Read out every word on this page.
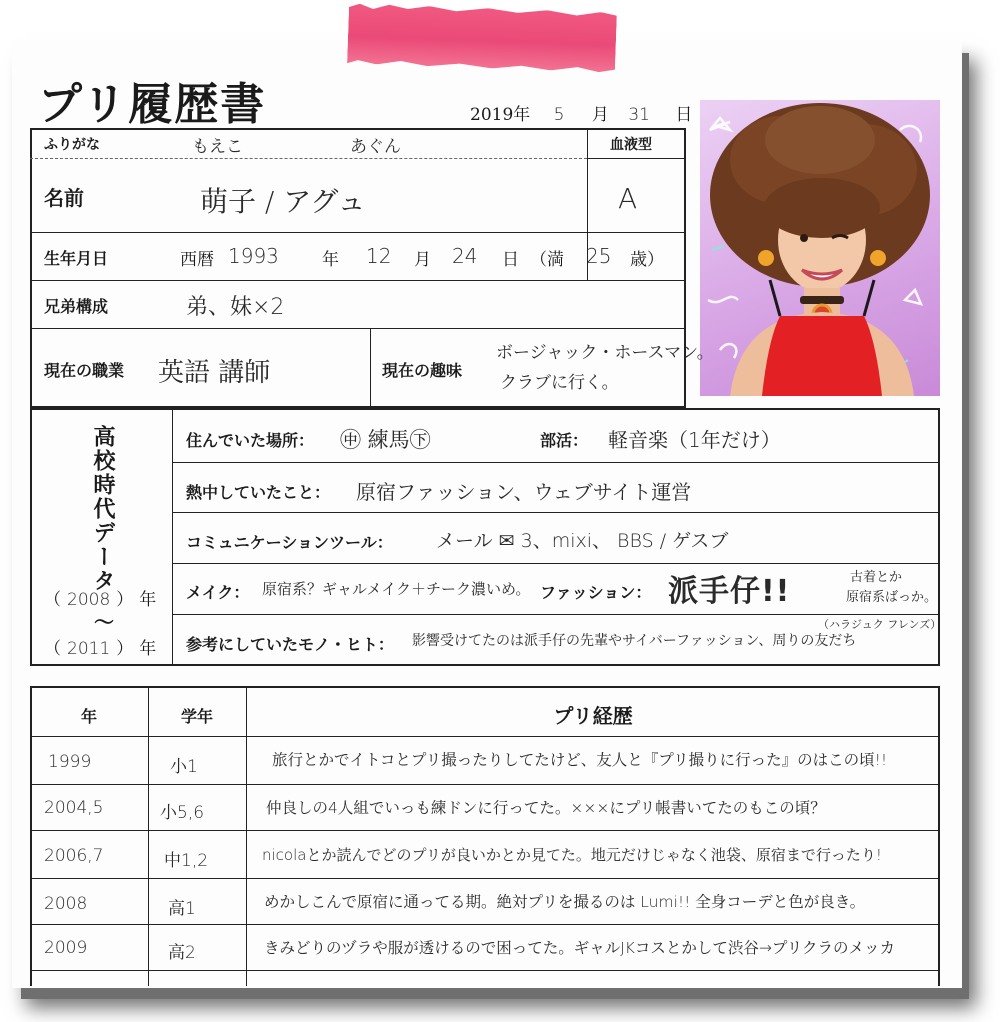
プリ履歴書	2019年 5 月 31 日
ふりがな	もえこ	あぐん	血液型
名前	萌子 / アグュ	A
生年月日	西暦 1993	年 12 月 24 日 （満 25 歳）
兄弟構成	弟、妹×2
現在の職業 英語 講師	現在の趣味
ボージャック・ホースマン。
クラブに行く。
高校時代データ
（ 2008 ） 年
〜
（ 2011 ） 年
住んでいた場所： ㊥ 練馬㊦	部活： 軽音楽（1年だけ）
熱中していたこと： 原宿ファッション、ウェブサイト運営
コミュニケーションツール： メール ✉ 3、mixi、 BBS / ゲスブ
メイク： 原宿系？ギャルメイク＋チーク濃いめ。 ファッション： 派手仔!!	古着とか
原宿系ばっか。
参考にしていたモノ・ヒト： 影響受けてたのは派手仔の先輩やサイバーファッション、周りの友だち
（ハラジュク フレンズ）
年	学年	プリ経歴
1999	小1	旅行とかでイトコとプリ撮ったりしてたけど、友人と『プリ撮りに行った』のはこの頃!!
2004,5	小5,6	仲良しの4人組でいっも練ドンに行ってた。×××にプリ帳書いてたのもこの頃？
2006,7	中1,2	nicolaとか読んでどのプリが良いかとか見てた。地元だけじゃなく池袋、原宿まで行ったり!
2008	高1	めかしこんで原宿に通ってる期。絶対プリを撮るのは Lumi!! 全身コーデと色が良き。
2009	高2	きみどりのヅラや服が透けるので困ってた。ギャルJKコスとかして渋谷→プリクラのメッカ
